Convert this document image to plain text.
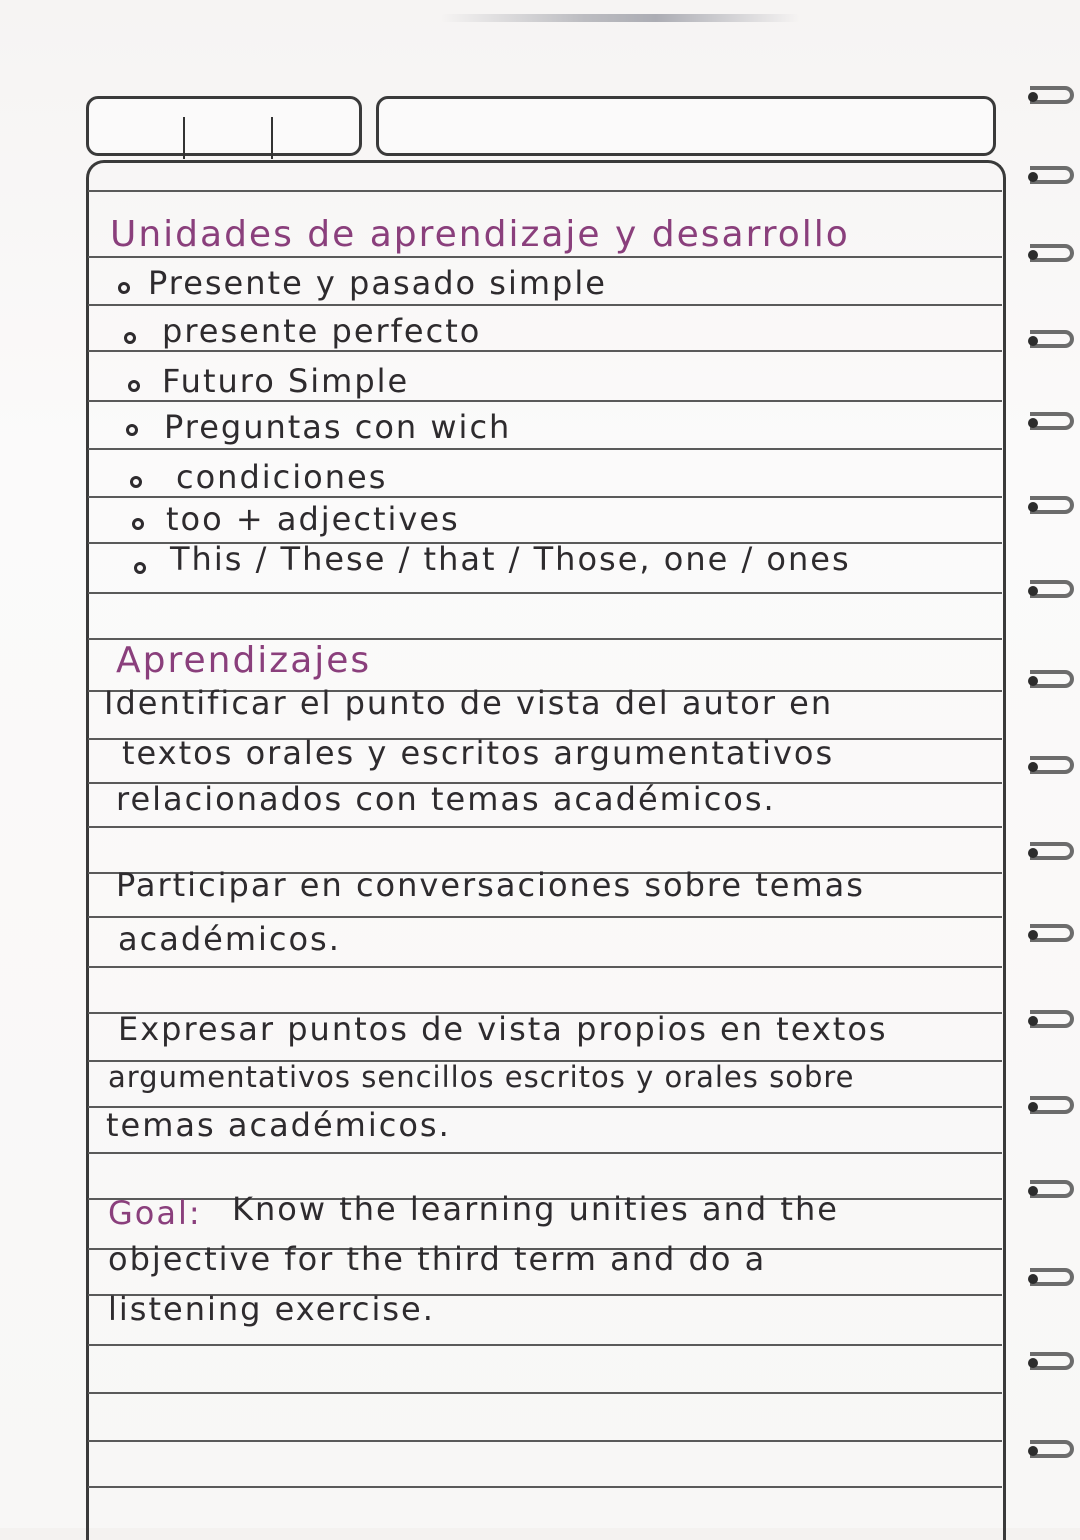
Unidades de aprendizaje y desarrollo
Presente y pasado simple
presente perfecto
Futuro Simple
Preguntas con wich
condiciones
too + adjectives
This / These / that / Those, one / ones
Aprendizajes
Identificar el punto de vista del autor en
textos orales y escritos argumentativos
relacionados con temas académicos.
Participar en conversaciones sobre temas
académicos.
Expresar puntos de vista propios en textos
argumentativos sencillos escritos y orales sobre
temas académicos.
Goal: Know the learning unities and the
objective for the third term and do a
listening exercise.
